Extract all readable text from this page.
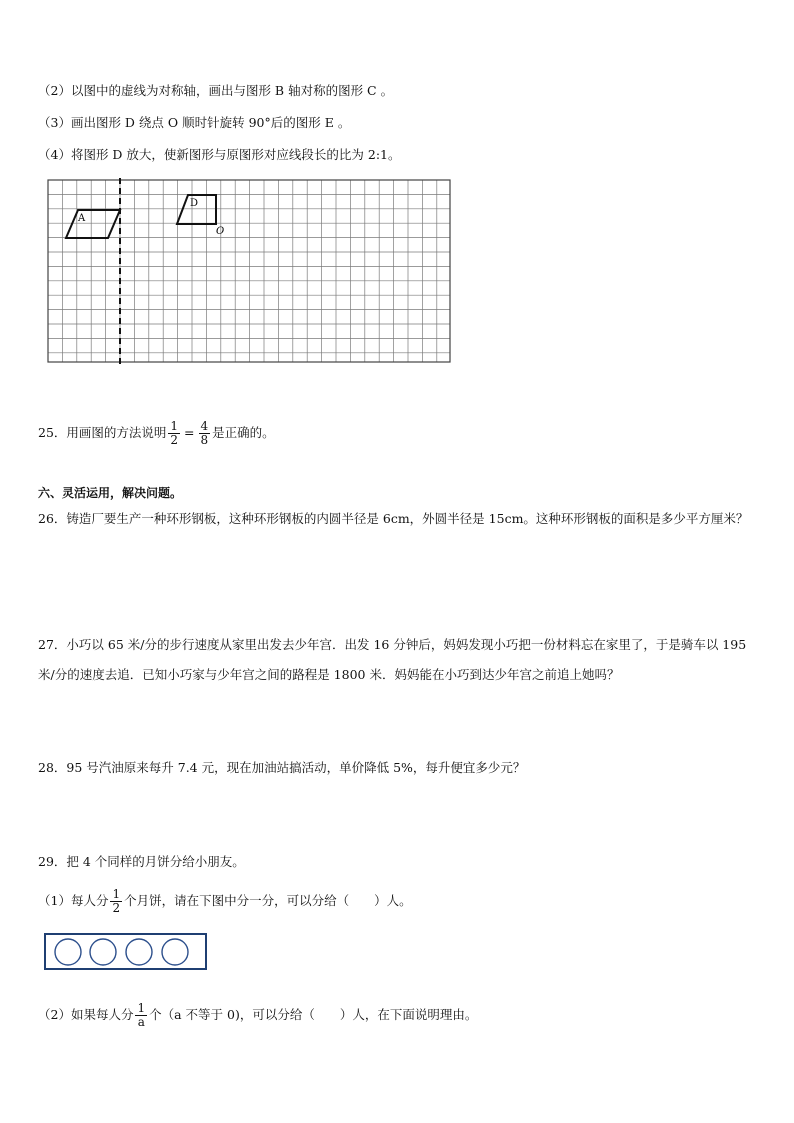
（2）以图中的虚线为对称轴，画出与图形 B 轴对称的图形 C 。
（3）画出图形 D 绕点 O 顺时针旋转 90°后的图形 E 。
（4）将图形 D 放大，使新图形与原图形对应线段长的比为 2:1。
A
D
O
25．用画图的方法说明 $\frac{1}{2} = \frac{4}{8}$ 是正确的。
六、灵活运用，解决问题。
26．铸造厂要生产一种环形钢板，这种环形钢板的内圆半径是 6cm，外圆半径是 15cm。这种环形钢板的面积是多少平方厘米？
27．小巧以 65 米/分的步行速度从家里出发去少年宫．出发 16 分钟后，妈妈发现小巧把一份材料忘在家里了，于是骑车以 195 米/分的速度去追．已知小巧家与少年宫之间的路程是 1800 米．妈妈能在小巧到达少年宫之前追上她吗？
28．95 号汽油原来每升 7.4 元，现在加油站搞活动，单价降低 5%，每升便宜多少元？
29．把 4 个同样的月饼分给小朋友。
（1）每人分 $\frac{1}{2}$ 个月饼，请在下图中分一分，可以分给（　　）人。
（2）如果每人分 $\frac{1}{a}$ 个（a 不等于 0)，可以分给（　　）人，在下面说明理由。
